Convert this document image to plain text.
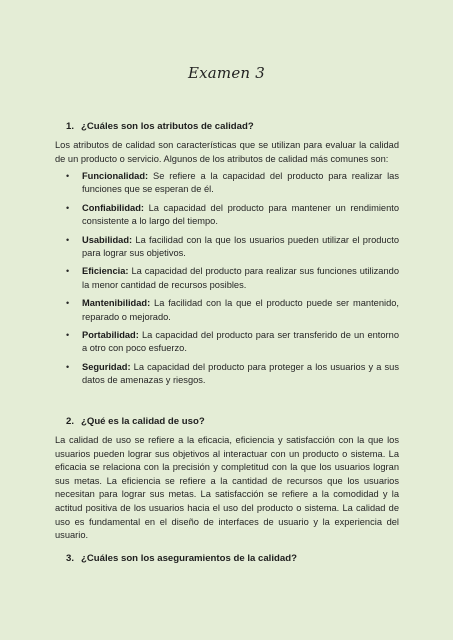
Examen 3
1. ¿Cuáles son los atributos de calidad?
Los atributos de calidad son características que se utilizan para evaluar la calidad de un producto o servicio. Algunos de los atributos de calidad más comunes son:
• Funcionalidad: Se refiere a la capacidad del producto para realizar las funciones que se esperan de él.
• Confiabilidad: La capacidad del producto para mantener un rendimiento consistente a lo largo del tiempo.
• Usabilidad: La facilidad con la que los usuarios pueden utilizar el producto para lograr sus objetivos.
• Eficiencia: La capacidad del producto para realizar sus funciones utilizando la menor cantidad de recursos posibles.
• Mantenibilidad: La facilidad con la que el producto puede ser mantenido, reparado o mejorado.
• Portabilidad: La capacidad del producto para ser transferido de un entorno a otro con poco esfuerzo.
• Seguridad: La capacidad del producto para proteger a los usuarios y a sus datos de amenazas y riesgos.
2. ¿Qué es la calidad de uso?
La calidad de uso se refiere a la eficacia, eficiencia y satisfacción con la que los usuarios pueden lograr sus objetivos al interactuar con un producto o sistema. La eficacia se relaciona con la precisión y completitud con la que los usuarios logran sus metas. La eficiencia se refiere a la cantidad de recursos que los usuarios necesitan para lograr sus metas. La satisfacción se refiere a la comodidad y la actitud positiva de los usuarios hacia el uso del producto o sistema. La calidad de uso es fundamental en el diseño de interfaces de usuario y la experiencia del usuario.
3. ¿Cuáles son los aseguramientos de la calidad?
